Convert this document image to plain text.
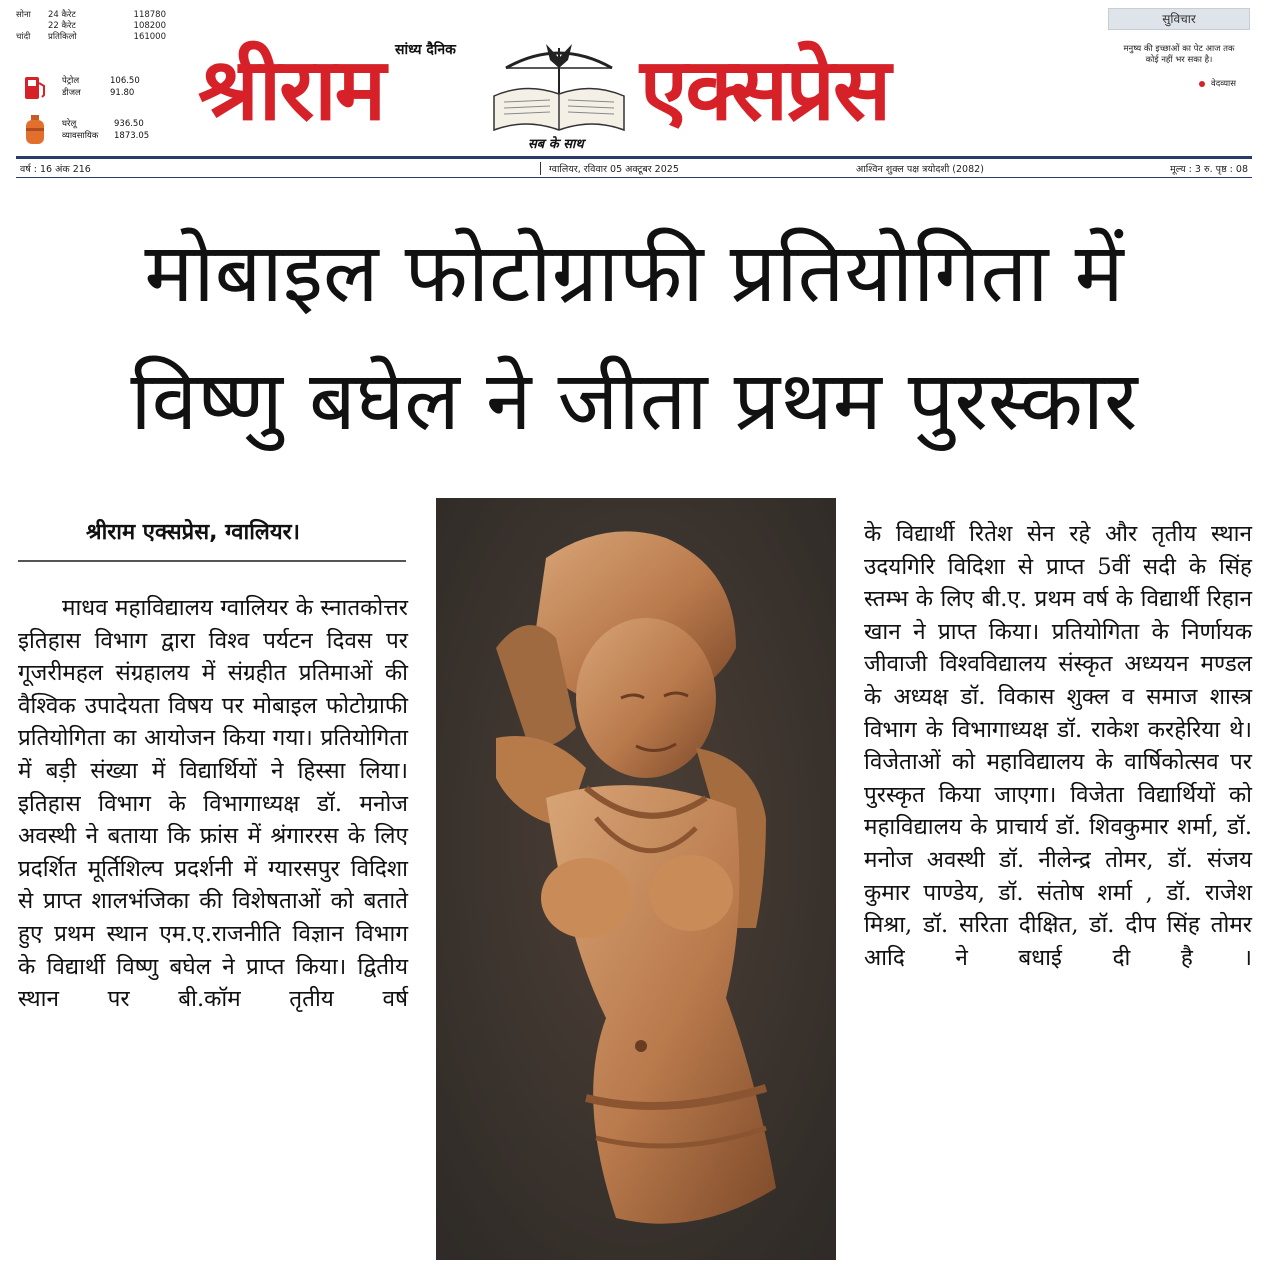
सोना	24 कैरेट	118780
22 कैरेट	108200
चांदी	प्रतिकिलो	161000
पेट्रोल	106.50
डीजल	91.80
घरेलू	936.50
व्यावसायिक	1873.05
सांध्य दैनिक
श्रीराम	एक्सप्रेस
सब के साथ
सुविचार
मनुष्य की इच्छाओं का पेट आज तक कोई नहीं भर सका है।
वेदव्यास
वर्ष : 16 अंक 216	ग्वालियर, रविवार 05 अक्टूबर 2025	आश्विन शुक्ल पक्ष त्रयोदशी (2082)	मूल्य : 3 रु. पृष्ठ : 08
मोबाइल फोटोग्राफी प्रतियोगिता में
विष्णु बघेल ने जीता प्रथम पुरस्कार
श्रीराम एक्सप्रेस, ग्वालियर।
माधव महाविद्यालय ग्वालियर के स्नातकोत्तर इतिहास विभाग द्वारा विश्व पर्यटन दिवस पर गूजरीमहल संग्रहालय में संग्रहीत प्रतिमाओं की वैश्विक उपादेयता विषय पर मोबाइल फोटोग्राफी प्रतियोगिता का आयोजन किया गया। प्रतियोगिता में बड़ी संख्या में विद्यार्थियों ने हिस्सा लिया। इतिहास विभाग के विभागाध्यक्ष डॉ. मनोज अवस्थी ने बताया कि फ्रांस में श्रंगाररस के लिए प्रदर्शित मूर्तिशिल्प प्रदर्शनी में ग्यारसपुर विदिशा से प्राप्त शालभंजिका की विशेषताओं को बताते हुए प्रथम स्थान एम.ए.राजनीति विज्ञान विभाग के विद्यार्थी विष्णु बघेल ने प्राप्त किया। द्वितीय स्थान पर बी.कॉम तृतीय वर्ष
के विद्यार्थी रितेश सेन रहे और तृतीय स्थान उदयगिरि विदिशा से प्राप्त 5वीं सदी के सिंह स्तम्भ के लिए बी.ए. प्रथम वर्ष के विद्यार्थी रिहान खान ने प्राप्त किया। प्रतियोगिता के निर्णायक जीवाजी विश्वविद्यालय संस्कृत अध्ययन मण्डल के अध्यक्ष डॉ. विकास शुक्ल व समाज शास्त्र विभाग के विभागाध्यक्ष डॉ. राकेश करहेरिया थे। विजेताओं को महाविद्यालय के वार्षिकोत्सव पर पुरस्कृत किया जाएगा। विजेता विद्यार्थियों को महाविद्यालय के प्राचार्य डॉ. शिवकुमार शर्मा, डॉ. मनोज अवस्थी डॉ. नीलेन्द्र तोमर, डॉ. संजय कुमार पाण्डेय, डॉ. संतोष शर्मा , डॉ. राजेश मिश्रा, डॉ. सरिता दीक्षित, डॉ. दीप सिंह तोमर आदि ने बधाई दी है ।
